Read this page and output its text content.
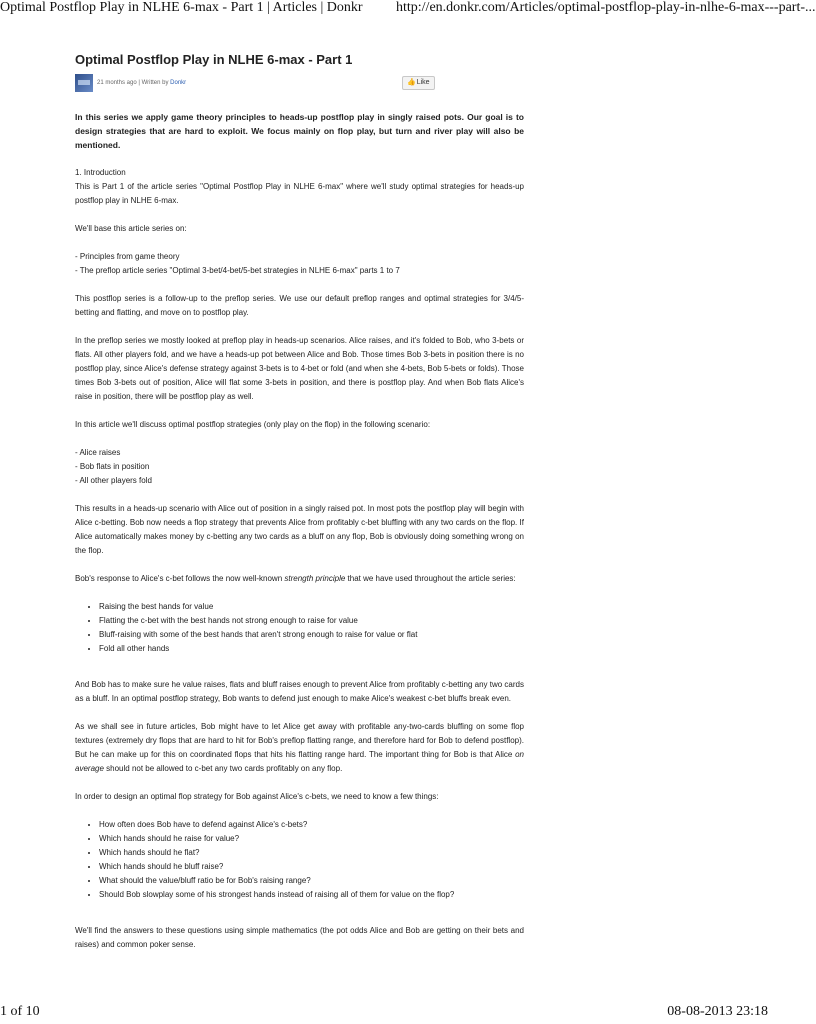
Optimal Postflop Play in NLHE 6-max - Part 1 | Articles | Donkr http://en.donkr.com/Articles/optimal-postflop-play-in-nlhe-6-max---part-...
Optimal Postflop Play in NLHE 6-max - Part 1
21 months ago | Written by Donkr	👍Like

In this series we apply game theory principles to heads-up postflop play in singly raised pots. Our goal is to design strategies that are hard to exploit. We focus mainly on flop play, but turn and river play will also be mentioned.

1. Introduction

This is Part 1 of the article series "Optimal Postflop Play in NLHE 6-max" where we'll study optimal strategies for heads-up postflop play in NLHE 6-max.

We'll base this article series on:

- Principles from game theory
- The preflop article series "Optimal 3-bet/4-bet/5-bet strategies in NLHE 6-max" parts 1 to 7

This postflop series is a follow-up to the preflop series. We use our default preflop ranges and optimal strategies for 3/4/5-betting and flatting, and move on to postflop play.

In the preflop series we mostly looked at preflop play in heads-up scenarios. Alice raises, and it's folded to Bob, who 3-bets or flats. All other players fold, and we have a heads-up pot between Alice and Bob. Those times Bob 3-bets in position there is no postflop play, since Alice's defense strategy against 3-bets is to 4-bet or fold (and when she 4-bets, Bob 5-bets or folds). Those times Bob 3-bets out of position, Alice will flat some 3-bets in position, and there is postflop play. And when Bob flats Alice's raise in position, there will be postflop play as well.

In this article we'll discuss optimal postflop strategies (only play on the flop) in the following scenario:

- Alice raises
- Bob flats in position
- All other players fold

This results in a heads-up scenario with Alice out of position in a singly raised pot. In most pots the postflop play will begin with Alice c-betting. Bob now needs a flop strategy that prevents Alice from profitably c-bet bluffing with any two cards on the flop. If Alice automatically makes money by c-betting any two cards as a bluff on any flop, Bob is obviously doing something wrong on the flop.

Bob's response to Alice's c-bet follows the now well-known strength principle that we have used throughout the article series:

• Raising the best hands for value
• Flatting the c-bet with the best hands not strong enough to raise for value
• Bluff-raising with some of the best hands that aren't strong enough to raise for value or flat
• Fold all other hands

And Bob has to make sure he value raises, flats and bluff raises enough to prevent Alice from profitably c-betting any two cards as a bluff. In an optimal postflop strategy, Bob wants to defend just enough to make Alice's weakest c-bet bluffs break even.

As we shall see in future articles, Bob might have to let Alice get away with profitable any-two-cards bluffing on some flop textures (extremely dry flops that are hard to hit for Bob's preflop flatting range, and therefore hard for Bob to defend postflop). But he can make up for this on coordinated flops that hits his flatting range hard. The important thing for Bob is that Alice on average should not be allowed to c-bet any two cards profitably on any flop.

In order to design an optimal flop strategy for Bob against Alice's c-bets, we need to know a few things:

• How often does Bob have to defend against Alice's c-bets?
• Which hands should he raise for value?
• Which hands should he flat?
• Which hands should he bluff raise?
• What should the value/bluff ratio be for Bob's raising range?
• Should Bob slowplay some of his strongest hands instead of raising all of them for value on the flop?

We'll find the answers to these questions using simple mathematics (the pot odds Alice and Bob are getting on their bets and raises) and common poker sense.

1 of 10	08-08-2013 23:18
